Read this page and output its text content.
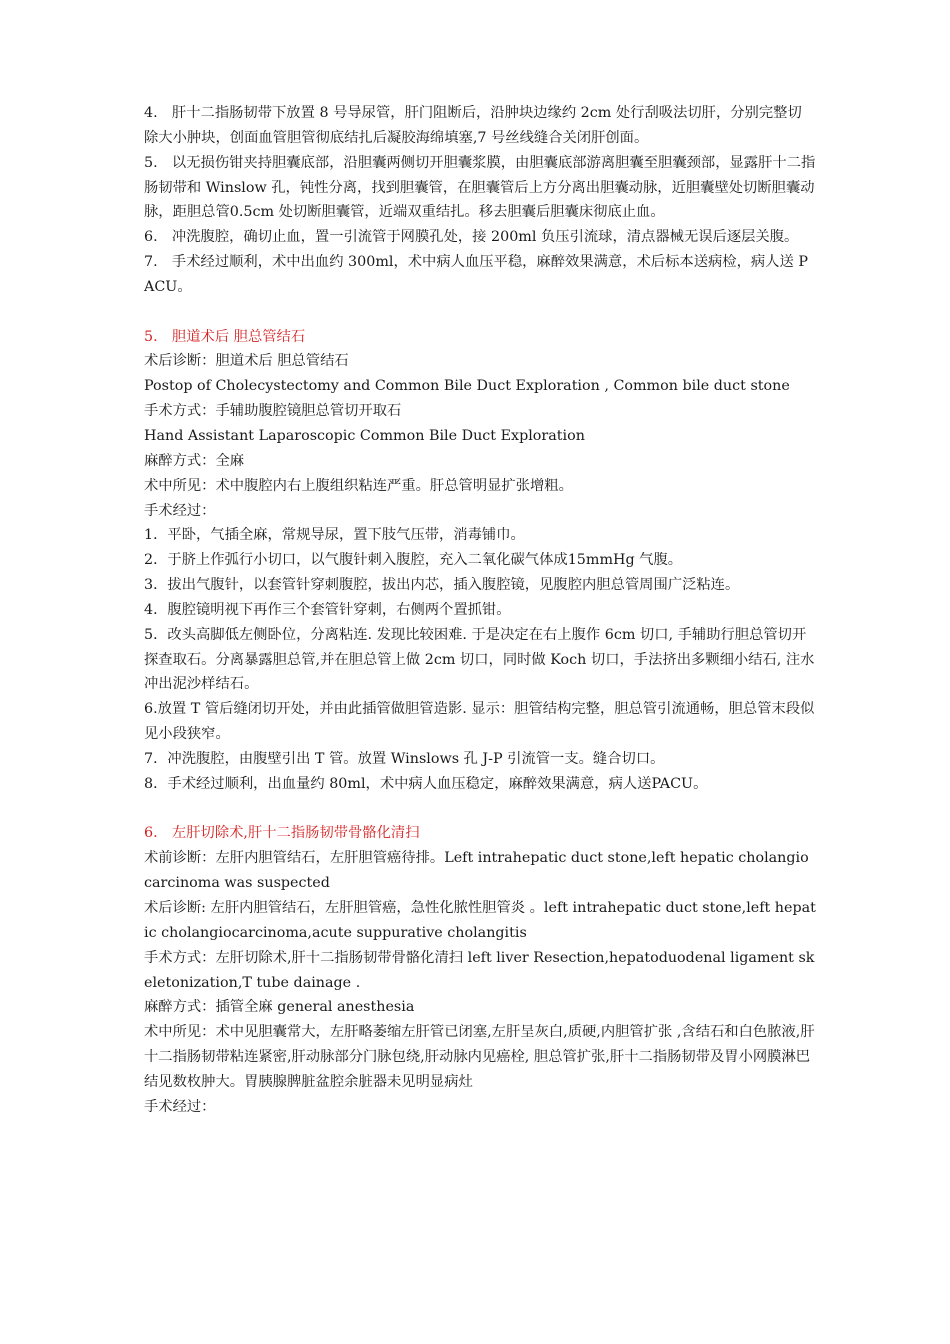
4.　肝十二指肠韧带下放置 8 号导尿管，肝门阻断后，沿肿块边缘约 2cm 处行刮吸法切肝，分别完整切除大小肿块，创面血管胆管彻底结扎后凝胶海绵填塞,7 号丝线缝合关闭肝创面。

5.　以无损伤钳夹持胆囊底部，沿胆囊两侧切开胆囊浆膜，由胆囊底部游离胆囊至胆囊颈部，显露肝十二指肠韧带和 Winslow 孔，钝性分离，找到胆囊管，在胆囊管后上方分离出胆囊动脉，近胆囊壁处切断胆囊动脉，距胆总管0.5cm 处切断胆囊管，近端双重结扎。移去胆囊后胆囊床彻底止血。

6.　冲洗腹腔，确切止血，置一引流管于网膜孔处，接 200ml 负压引流球，清点器械无误后逐层关腹。

7.　手术经过顺利，术中出血约 300ml，术中病人血压平稳，麻醉效果满意，术后标本送病检，病人送 PACU。

5.　胆道术后 胆总管结石

术后诊断：胆道术后 胆总管结石

Postop of Cholecystectomy and Common Bile Duct Exploration , Common bile duct stone

手术方式：手辅助腹腔镜胆总管切开取石

Hand Assistant Laparoscopic Common Bile Duct Exploration

麻醉方式：全麻

术中所见：术中腹腔内右上腹组织粘连严重。肝总管明显扩张增粗。

手术经过：

1．平卧，气插全麻，常规导尿，置下肢气压带，消毒铺巾。

2．于脐上作弧行小切口，以气腹针刺入腹腔，充入二氧化碳气体成15mmHg 气腹。

3．拔出气腹针，以套管针穿刺腹腔，拔出内芯，插入腹腔镜，见腹腔内胆总管周围广泛粘连。

4．腹腔镜明视下再作三个套管针穿刺，右侧两个置抓钳。

5．改头高脚低左侧卧位，分离粘连. 发现比较困难. 于是决定在右上腹作 6cm 切口, 手辅助行胆总管切开探查取石。分离暴露胆总管,并在胆总管上做 2cm 切口，同时做 Koch 切口，手法挤出多颗细小结石, 注水冲出泥沙样结石。

6.放置 T 管后缝闭切开处，并由此插管做胆管造影. 显示：胆管结构完整，胆总管引流通畅，胆总管末段似见小段狭窄。

7．冲洗腹腔，由腹壁引出 T 管。放置 Winslows 孔 J-P 引流管一支。缝合切口。

8．手术经过顺利，出血量约 80ml，术中病人血压稳定，麻醉效果满意，病人送PACU。

6.　左肝切除术,肝十二指肠韧带骨骼化清扫

术前诊断：左肝内胆管结石，左肝胆管癌待排。Left intrahepatic duct stone,left hepatic cholangiocarcinoma was suspected

术后诊断: 左肝内胆管结石，左肝胆管癌，急性化脓性胆管炎 。left intrahepatic duct stone,left hepatic cholangiocarcinoma,acute suppurative cholangitis

手术方式：左肝切除术,肝十二指肠韧带骨骼化清扫 left liver Resection,hepatoduodenal ligament skeletonization,T tube dainage .

麻醉方式：插管全麻 general anesthesia

术中所见：术中见胆囊常大，左肝略萎缩左肝管已闭塞,左肝呈灰白,质硬,内胆管扩张 ,含结石和白色脓液,肝十二指肠韧带粘连紧密,肝动脉部分门脉包绕,肝动脉内见癌栓, 胆总管扩张,肝十二指肠韧带及胃小网膜淋巴结见数枚肿大。胃胰腺脾脏盆腔余脏器未见明显病灶

手术经过：
